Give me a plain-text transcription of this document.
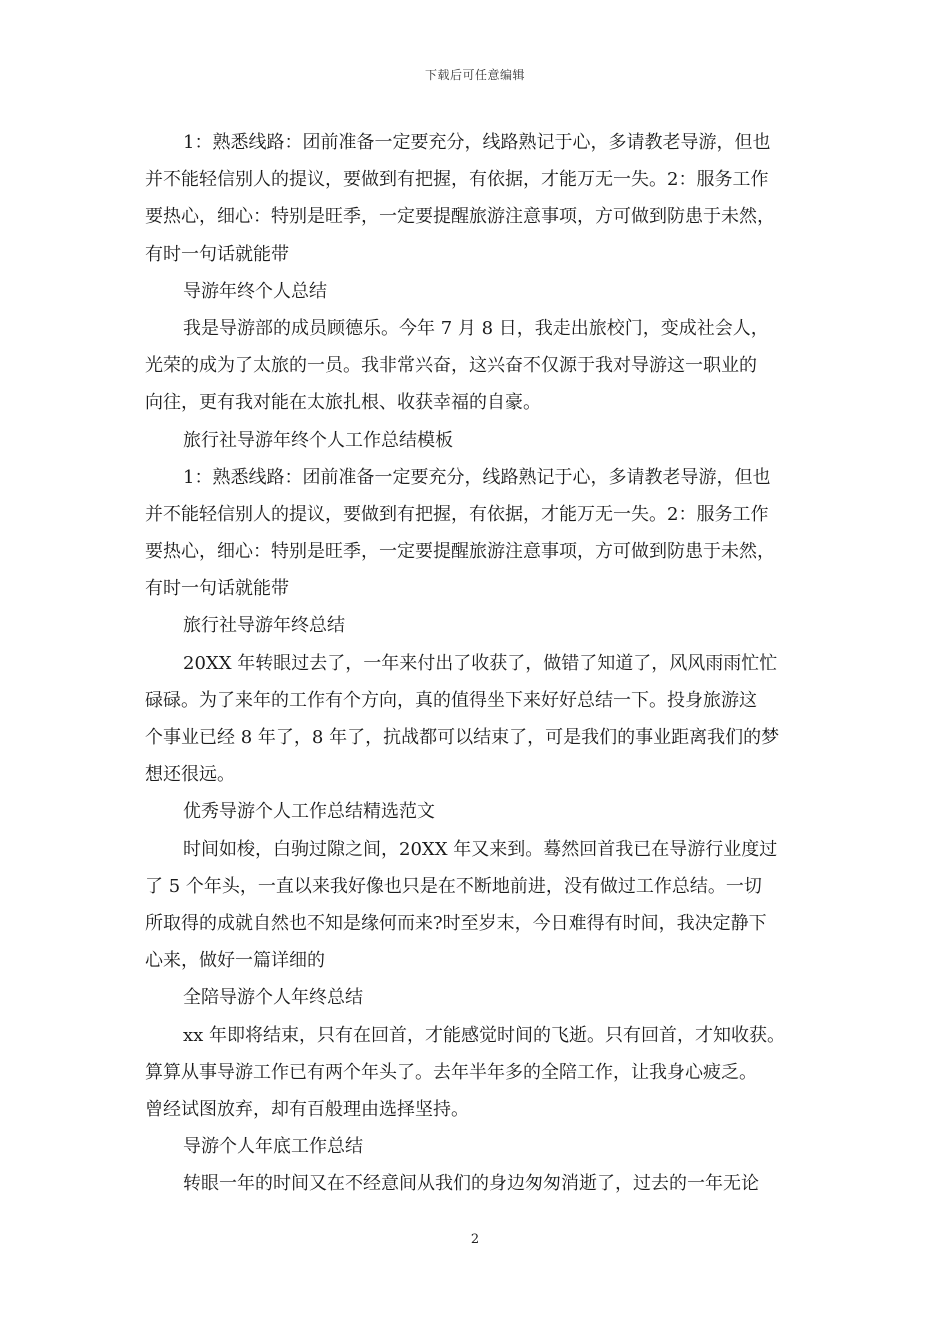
下载后可任意编辑
1：熟悉线路：团前准备一定要充分，线路熟记于心，多请教老导游，但也
并不能轻信别人的提议，要做到有把握，有依据，才能万无一失。2：服务工作
要热心，细心：特别是旺季，一定要提醒旅游注意事项，方可做到防患于未然，
有时一句话就能带
导游年终个人总结
我是导游部的成员顾德乐。今年 7 月 8 日，我走出旅校门，变成社会人，
光荣的成为了太旅的一员。我非常兴奋，这兴奋不仅源于我对导游这一职业的
向往，更有我对能在太旅扎根、收获幸福的自豪。
旅行社导游年终个人工作总结模板
1：熟悉线路：团前准备一定要充分，线路熟记于心，多请教老导游，但也
并不能轻信别人的提议，要做到有把握，有依据，才能万无一失。2：服务工作
要热心，细心：特别是旺季，一定要提醒旅游注意事项，方可做到防患于未然，
有时一句话就能带
旅行社导游年终总结
20XX 年转眼过去了，一年来付出了收获了，做错了知道了，风风雨雨忙忙
碌碌。为了来年的工作有个方向，真的值得坐下来好好总结一下。投身旅游这
个事业已经 8 年了，8 年了，抗战都可以结束了，可是我们的事业距离我们的梦
想还很远。
优秀导游个人工作总结精选范文
时间如梭，白驹过隙之间，20XX 年又来到。蓦然回首我已在导游行业度过
了 5 个年头，一直以来我好像也只是在不断地前进，没有做过工作总结。一切
所取得的成就自然也不知是缘何而来?时至岁末，今日难得有时间，我决定静下
心来，做好一篇详细的
全陪导游个人年终总结
xx 年即将结束，只有在回首，才能感觉时间的飞逝。只有回首，才知收获。
算算从事导游工作已有两个年头了。去年半年多的全陪工作，让我身心疲乏。
曾经试图放弃，却有百般理由选择坚持。
导游个人年底工作总结
转眼一年的时间又在不经意间从我们的身边匆匆消逝了，过去的一年无论
2
